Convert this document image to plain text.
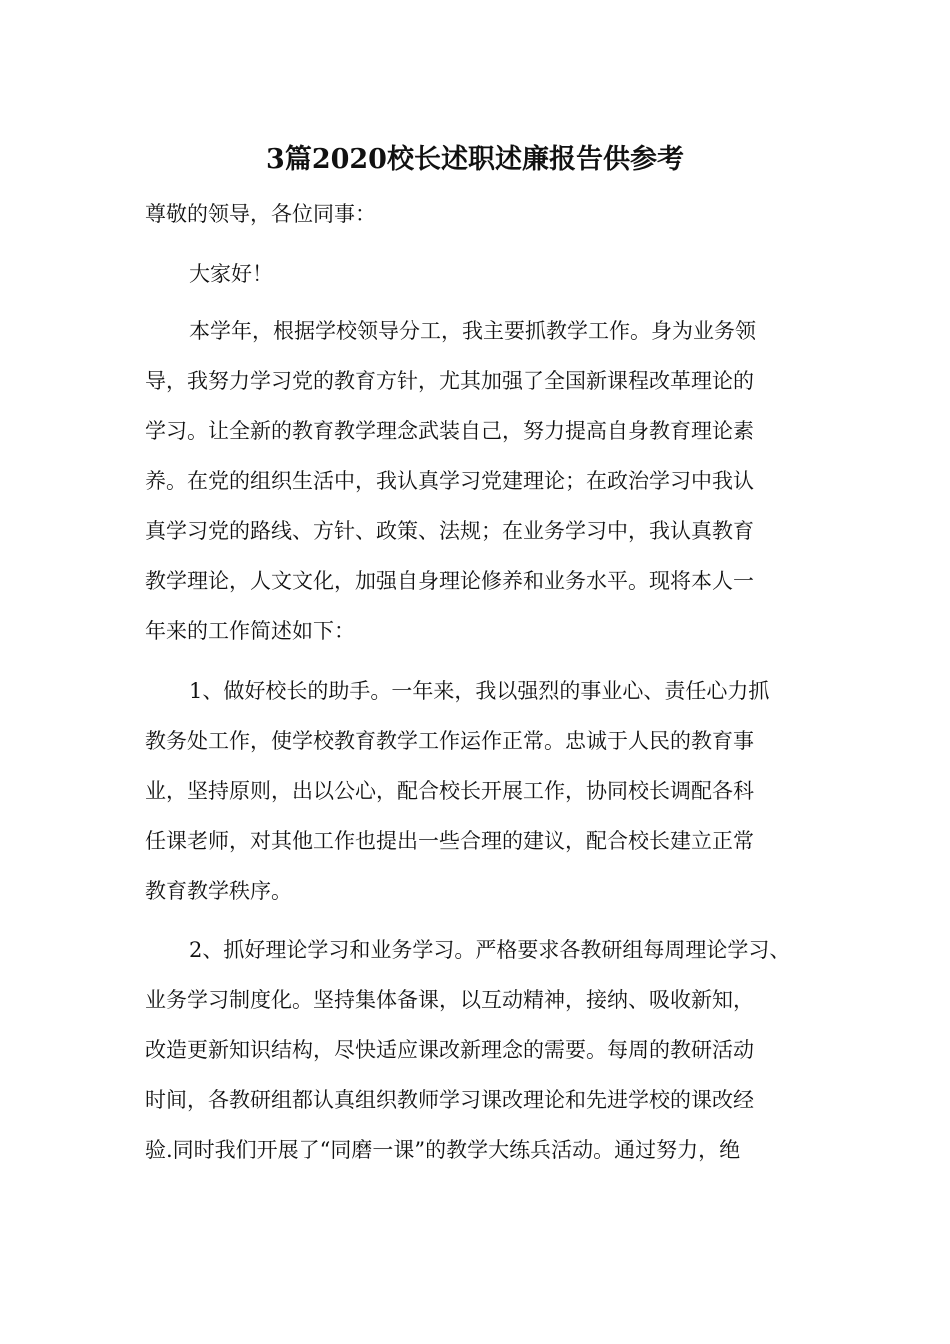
3篇2020校长述职述廉报告供参考
尊敬的领导，各位同事：
大家好！
本学年，根据学校领导分工，我主要抓教学工作。身为业务领
导，我努力学习党的教育方针，尤其加强了全国新课程改革理论的
学习。让全新的教育教学理念武装自己，努力提高自身教育理论素
养。在党的组织生活中，我认真学习党建理论；在政治学习中我认
真学习党的路线、方针、政策、法规；在业务学习中，我认真教育
教学理论，人文文化，加强自身理论修养和业务水平。现将本人一
年来的工作简述如下：
1、做好校长的助手。一年来，我以强烈的事业心、责任心力抓
教务处工作，使学校教育教学工作运作正常。忠诚于人民的教育事
业，坚持原则，出以公心，配合校长开展工作，协同校长调配各科
任课老师，对其他工作也提出一些合理的建议，配合校长建立正常
教育教学秩序。
2、抓好理论学习和业务学习。严格要求各教研组每周理论学习、
业务学习制度化。坚持集体备课，以互动精神，接纳、吸收新知，
改造更新知识结构，尽快适应课改新理念的需要。每周的教研活动
时间，各教研组都认真组织教师学习课改理论和先进学校的课改经
验.同时我们开展了“同磨一课”的教学大练兵活动。通过努力，绝
